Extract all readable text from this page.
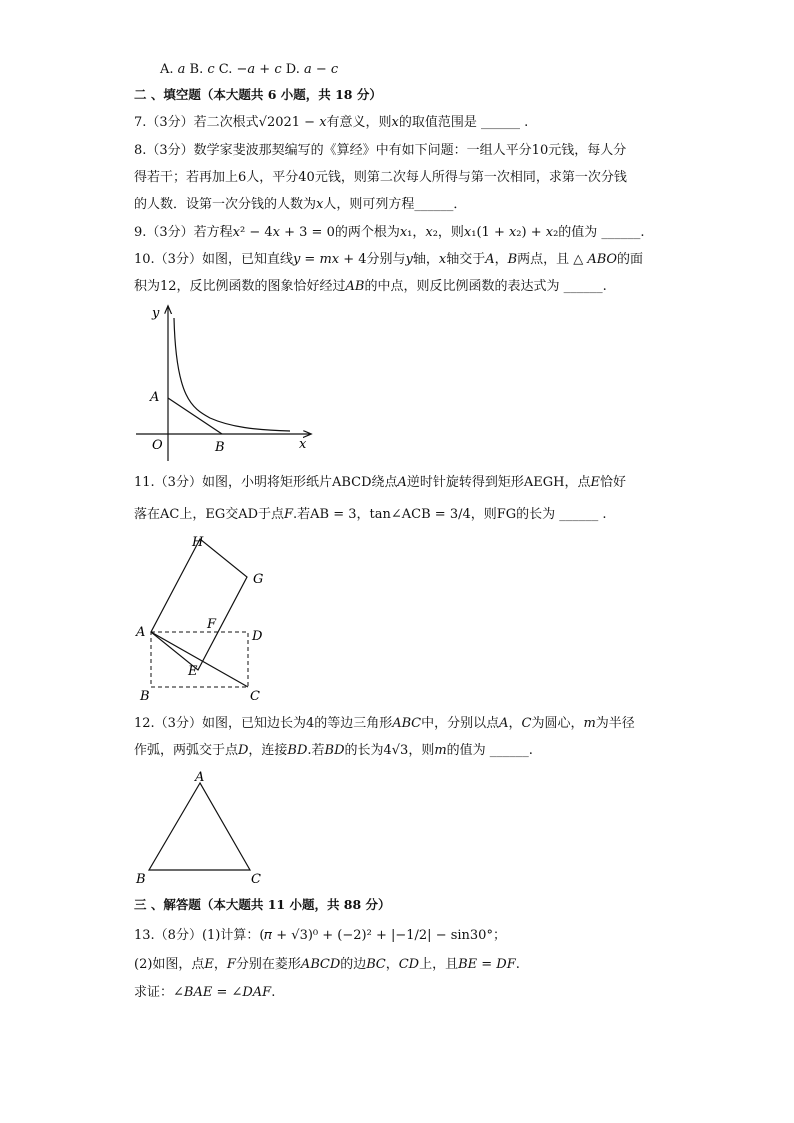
A. 𝑎 B. 𝑐 C. −𝑎 + 𝑐 D. 𝑎 − 𝑐
二 、填空题（本大题共 6 小题，共 18 分）
7.（3分）若二次根式√2021 − 𝑥有意义，则𝑥的取值范围是 ______ .
8.（3分）数学家斐波那契编写的《算经》中有如下问题：一组人平分10元钱，每人分
得若干；若再加上6人，平分40元钱，则第二次每人所得与第一次相同，求第一次分钱
的人数．设第一次分钱的人数为𝑥人，则可列方程______．
9.（3分）若方程𝑥² − 4𝑥 + 3 = 0的两个根为𝑥₁，𝑥₂，则𝑥₁(1 + 𝑥₂) + 𝑥₂的值为 ______.
10.（3分）如图，已知直线𝑦 = 𝑚𝑥 + 4分别与𝑦轴，𝑥轴交于𝐴，𝐵两点，且 △ 𝐴𝐵𝑂的面
积为12，反比例函数的图象恰好经过𝐴𝐵的中点，则反比例函数的表达式为 ______.
y
x
A
O	B
11.（3分）如图，小明将矩形纸片ABCD绕点𝐴逆时针旋转得到矩形AEGH，点𝐸恰好
落在AC上，EG交AD于点𝐹.若AB = 3，tan∠ACB = 3/4，则FG的长为 ______ .
H
G
A
F
D
E
B	C
12.（3分）如图，已知边长为4的等边三角形𝐴𝐵𝐶中，分别以点𝐴，𝐶为圆心，𝑚为半径
作弧，两弧交于点𝐷，连接𝐵𝐷.若𝐵𝐷的长为4√3，则𝑚的值为 ______.
A
B	C
三 、解答题（本大题共 11 小题，共 88 分）
13.（8分）(1)计算：(𝜋 + √3)⁰ + (−2)² + |−1/2| − sin30°；
(2)如图，点𝐸，𝐹分别在菱形𝐴𝐵𝐶𝐷的边𝐵𝐶，𝐶𝐷上，且𝐵𝐸 = 𝐷𝐹.
求证：∠𝐵𝐴𝐸 = ∠𝐷𝐴𝐹.
